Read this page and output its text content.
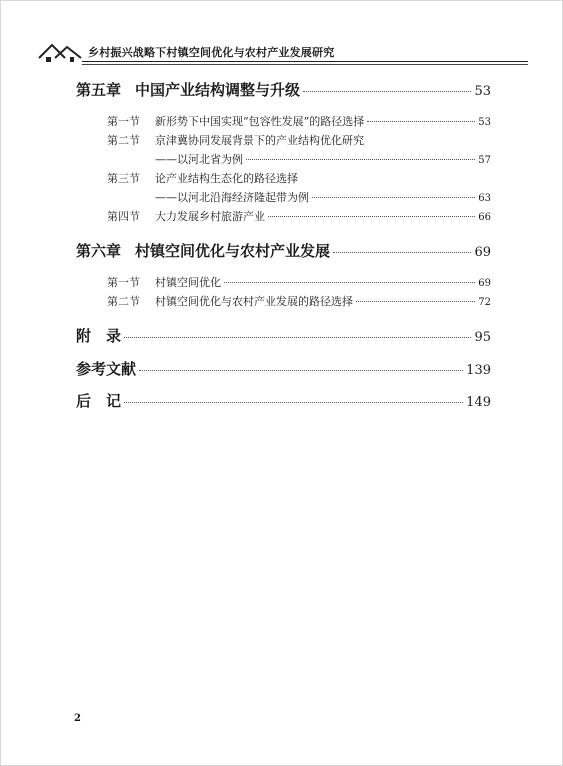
乡村振兴战略下村镇空间优化与农村产业发展研究
第五章 中国产业结构调整与升级	53
第一节	新形势下中国实现“包容性发展”的路径选择	53
第二节	京津冀协同发展背景下的产业结构优化研究
——以河北省为例	57
第三节	论产业结构生态化的路径选择
——以河北沿海经济隆起带为例	63
第四节	大力发展乡村旅游产业	66
第六章 村镇空间优化与农村产业发展	69
第一节	村镇空间优化	69
第二节	村镇空间优化与农村产业发展的路径选择	72
附　录	95
参考文献	139
后　记	149
2
